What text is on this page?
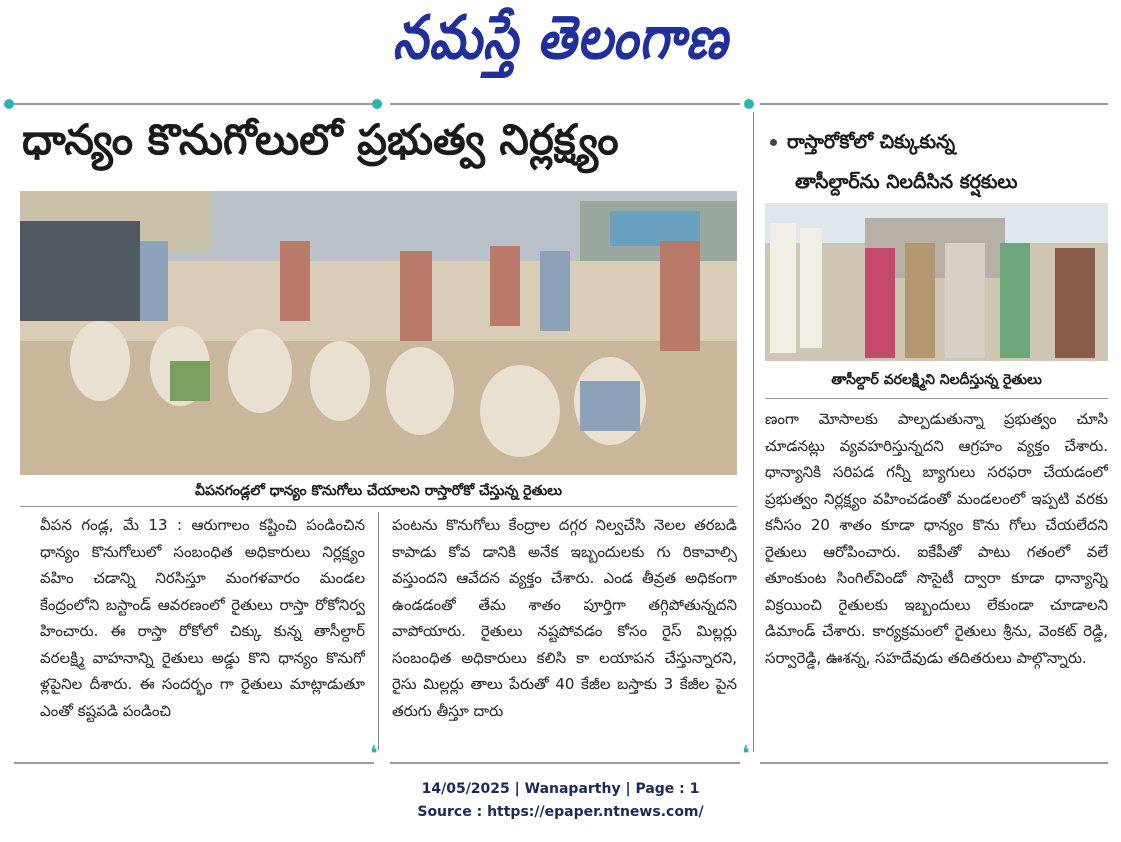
నమస్తే తెలంగాణ
ధాన్యం కొనుగోలులో ప్రభుత్వ నిర్లక్ష్యం
వీపనగండ్లలో ధాన్యం కొనుగోలు చేయాలని రాస్తారోకో చేస్తున్న రైతులు

వీపన గండ్ల, మే 13 : ఆరుగాలం కష్టించి పండించిన ధాన్యం కొనుగోలులో సంబంధిత అధికారులు నిర్లక్ష్యం వహిం చడాన్ని నిరసిస్తూ మంగళవారం మండల కేంద్రంలోని బస్టాండ్ ఆవరణంలో రైతులు రాస్తా రోకోనిర్వ హించారు. ఈ రాస్తా రోకోలో చిక్కు కున్న తాసీల్దార్ వరలక్ష్మి వాహనాన్ని రైతులు అడ్డు కొని ధాన్యం కొనుగో ళ్లపైనిల దీశారు. ఈ సందర్భం గా రైతులు మాట్లాడుతూ ఎంతో కష్టపడి పండించి

పంటను కొనుగోలు కేంద్రాల దగ్గర నిల్వచేసి నెలల తరబడి కాపాడు కోవ డానికి అనేక ఇబ్బందులకు గు రికావాల్సి వస్తుందని ఆవేదన వ్యక్తం చేశారు. ఎండ తీవ్రత అధికంగా ఉండడంతో తేమ శాతం పూర్తిగా తగ్గిపోతున్నదని వాపోయారు. రైతులు నష్టపోవడం కోసం రైస్ మిల్లర్లు సంబంధిత అధికారులు కలిసి కా లయాపన చేస్తున్నారని, రైసు మిల్లర్లు తాలు పేరుతో 40 కేజీల బస్తాకు 3 కేజీల పైన తరుగు తీస్తూ దారు

రాస్తారోకోలో చిక్కుకున్న
తాసీల్దార్‌ను నిలదీసిన కర్షకులు
తాసీల్దార్ వరలక్ష్మిని నిలదీస్తున్న రైతులు

ణంగా మోసాలకు పాల్పడుతున్నా ప్రభుత్వం చూసి చూడనట్లు వ్యవహరిస్తున్నదని ఆగ్రహం వ్యక్తం చేశారు. ధాన్యానికి సరిపడ గన్నీ బ్యాగులు సరఫరా చేయడంలో ప్రభుత్వం నిర్లక్ష్యం వహించడంతో మండలంలో ఇప్పటి వరకు కనీసం 20 శాతం కూడా ధాన్యం కొను గోలు చేయలేదని రైతులు ఆరోపించారు. ఐకేపీతో పాటు గతంలో వలే తూంకుంట సింగిల్‌విండో సొసైటీ ద్వారా కూడా ధాన్యాన్ని విక్రయించి రైతులకు ఇబ్బందులు లేకుండా చూడాలని డిమాండ్ చేశారు. కార్యక్రమంలో రైతులు శ్రీను, వెంకట్ రెడ్డి, సర్వారెడ్డి, ఊశన్న, సహదేవుడు తదితరులు పాల్గొన్నారు.

❛	❛
14/05/2025 | Wanaparthy | Page : 1
Source : https://epaper.ntnews.com/
